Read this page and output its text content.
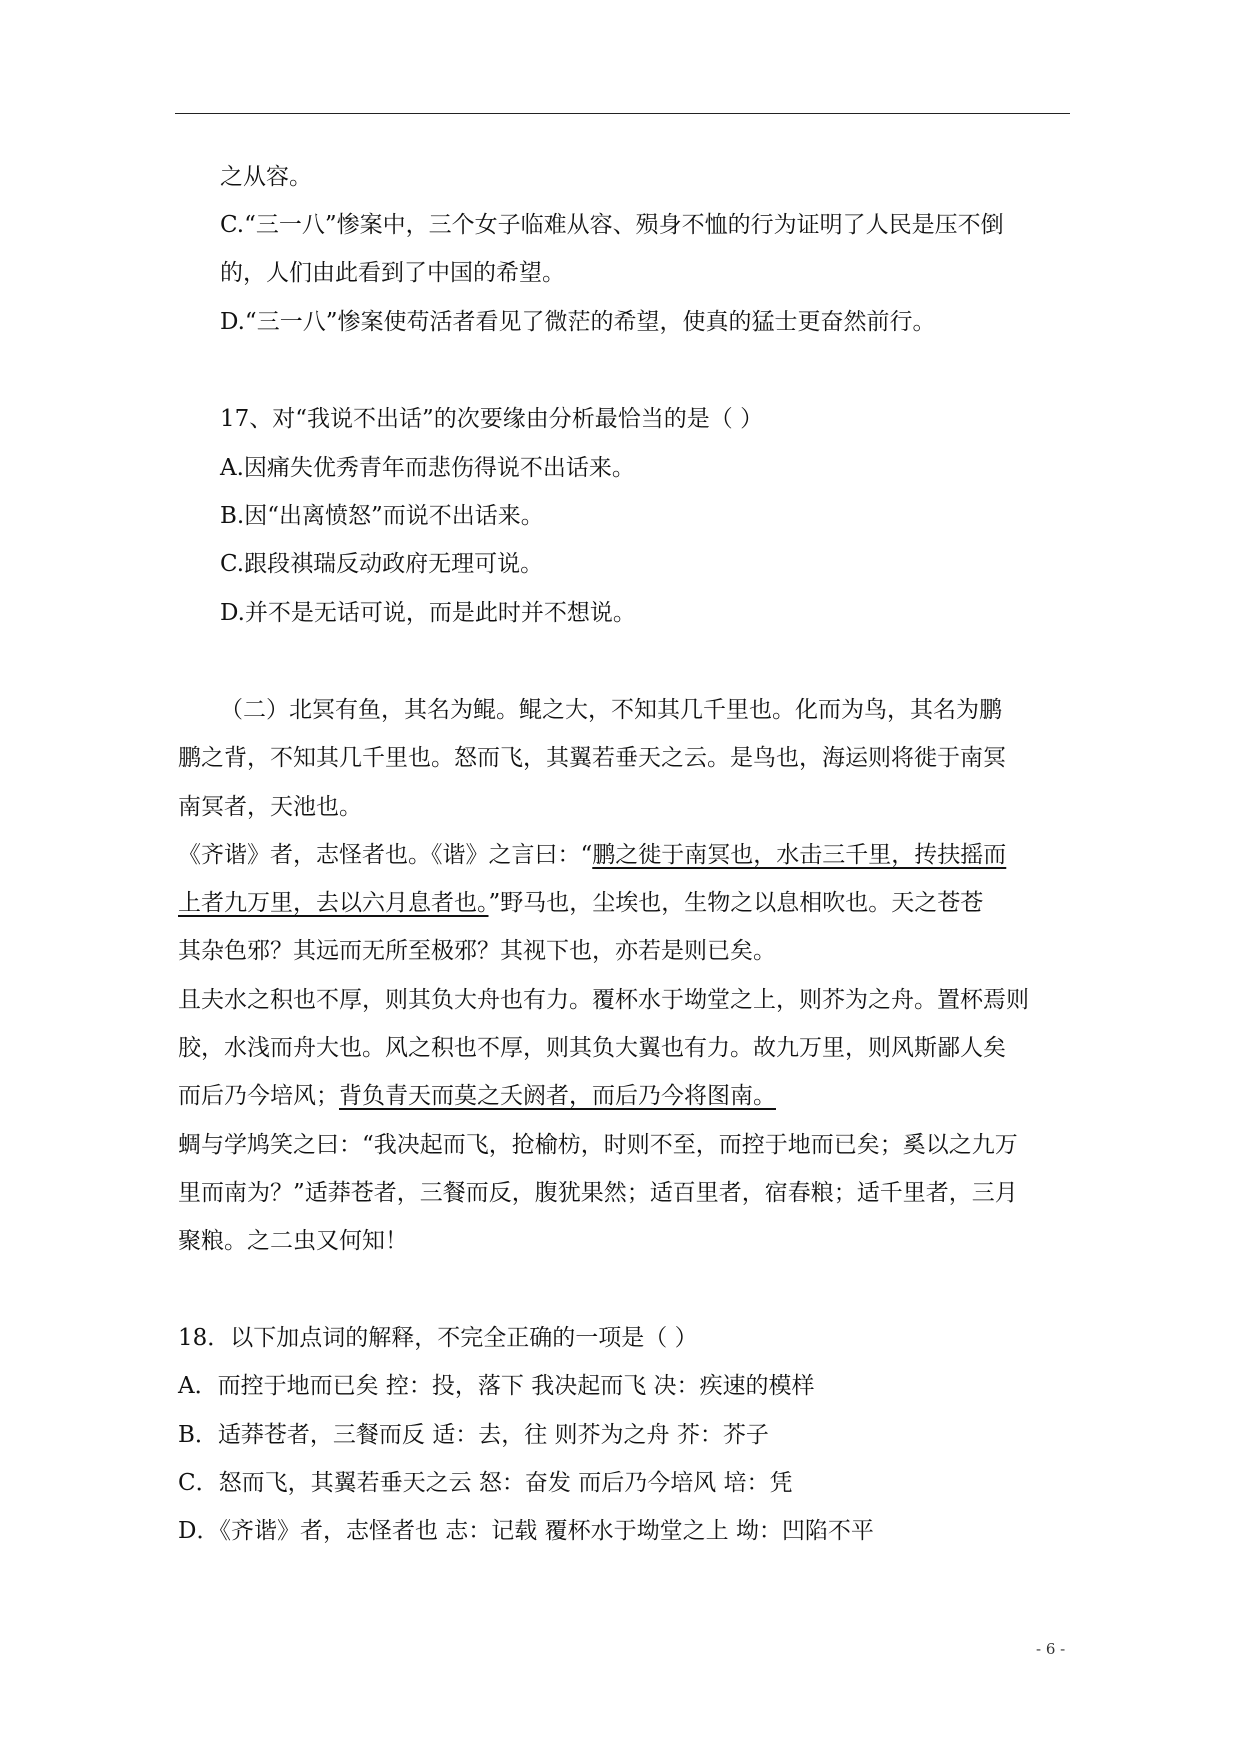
之从容。
C.“三一八”惨案中，三个女子临难从容、殒身不恤的行为证明了人民是压不倒
的，人们由此看到了中国的希望。
D.“三一八”惨案使苟活者看见了微茫的希望，使真的猛士更奋然前行。
17、对“我说不出话”的次要缘由分析最恰当的是（ ）
A.因痛失优秀青年而悲伤得说不出话来。
B.因“出离愤怒”而说不出话来。
C.跟段祺瑞反动政府无理可说。
D.并不是无话可说，而是此时并不想说。
（二）北冥有鱼，其名为鲲。鲲之大，不知其几千里也。化而为鸟，其名为鹏
鹏之背，不知其几千里也。怒而飞，其翼若垂天之云。是鸟也，海运则将徙于南冥
南冥者，天池也。
《齐谐》者，志怪者也。《谐》之言曰：“鹏之徙于南冥也，水击三千里，抟扶摇而
上者九万里，去以六月息者也。”野马也，尘埃也，生物之以息相吹也。天之苍苍
其杂色邪？其远而无所至极邪？其视下也，亦若是则已矣。
且夫水之积也不厚，则其负大舟也有力。覆杯水于坳堂之上，则芥为之舟。置杯焉则
胶，水浅而舟大也。风之积也不厚，则其负大翼也有力。故九万里，则风斯鄙人矣
而后乃今培风；背负青天而莫之夭阏者，而后乃今将图南。
蜩与学鸠笑之曰：“我决起而飞，抢榆枋，时则不至，而控于地而已矣；奚以之九万
里而南为？”适莽苍者，三餐而反，腹犹果然；适百里者，宿春粮；适千里者，三月
聚粮。之二虫又何知！
18．以下加点词的解释，不完全正确的一项是（ ）
A．而控于地而已矣 控：投，落下 我决起而飞 决：疾速的模样
B．适莽苍者，三餐而反 适：去，往 则芥为之舟 芥：芥子
C．怒而飞，其翼若垂天之云 怒：奋发 而后乃今培风 培：凭
D．《齐谐》者，志怪者也 志：记载 覆杯水于坳堂之上 坳：凹陷不平
- 6 -
